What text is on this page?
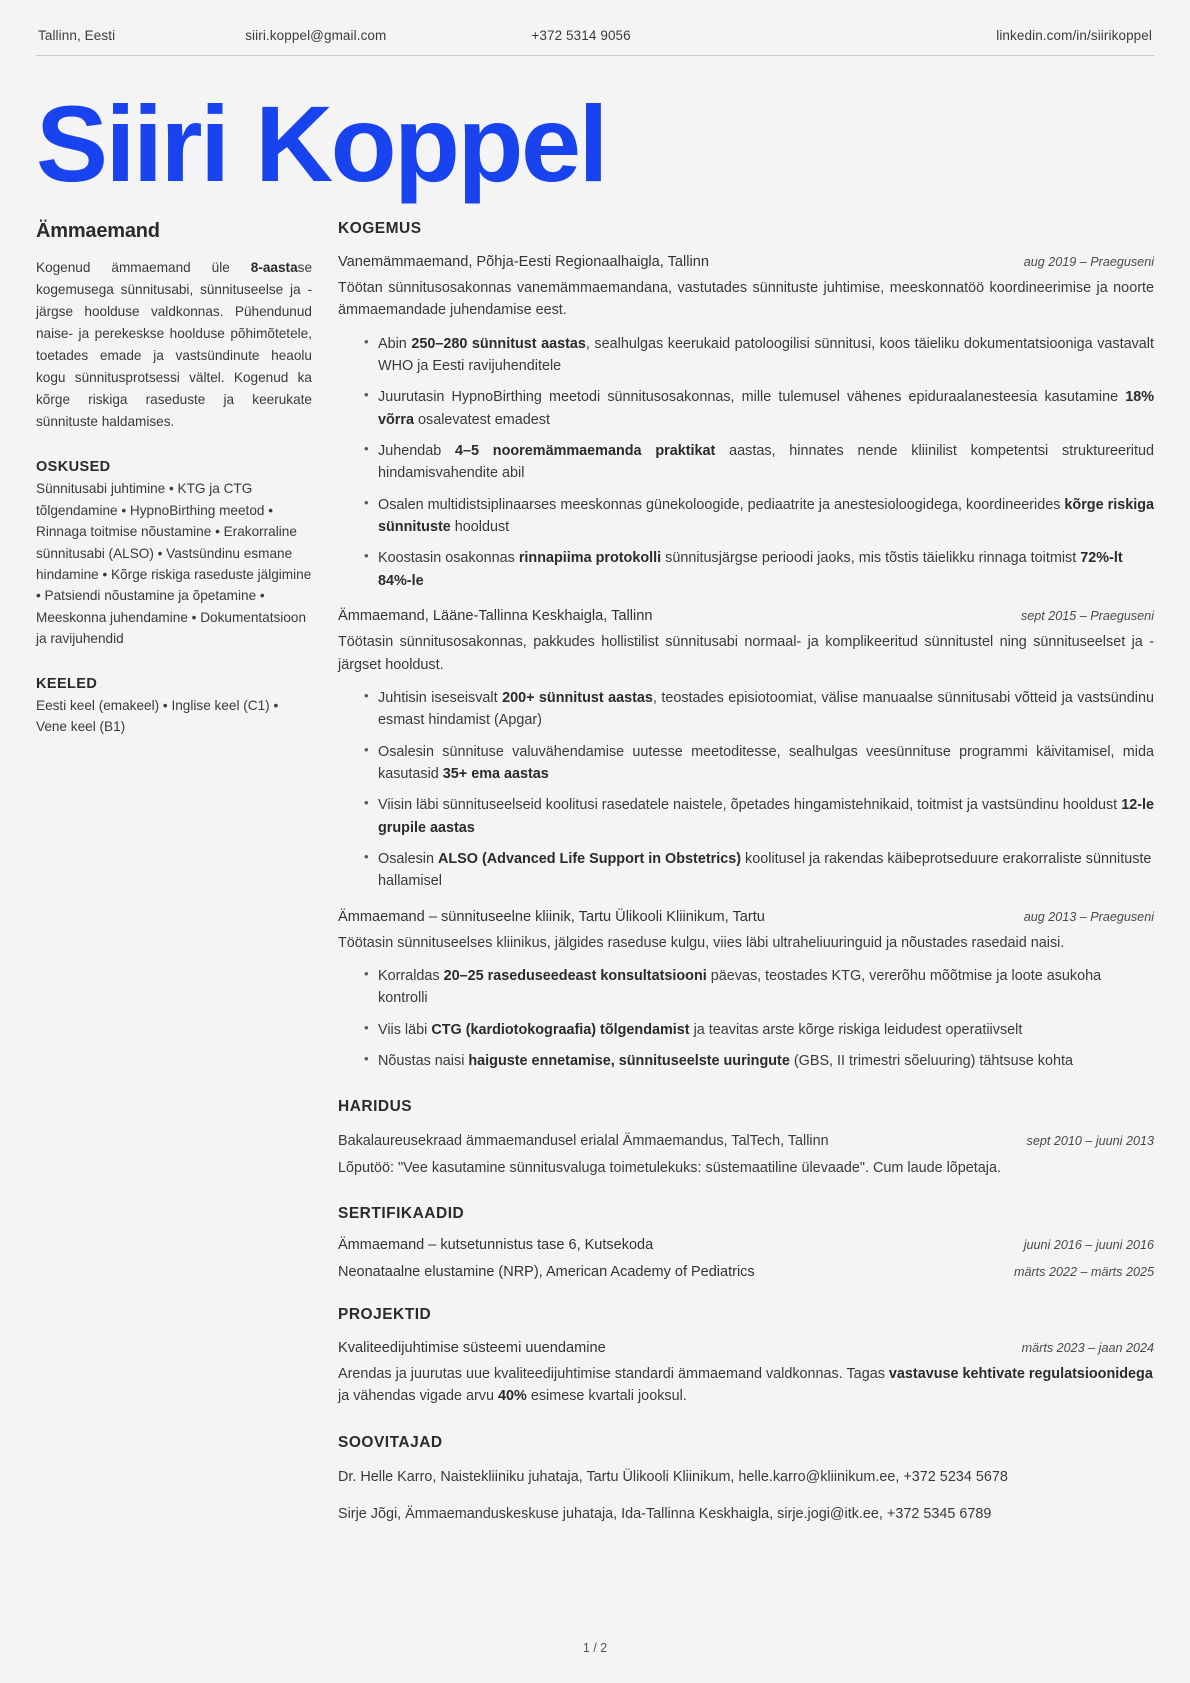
Tallinn, Eesti	siiri.koppel@gmail.com	+372 5314 9056	linkedin.com/in/siirikoppel
Siiri Koppel
Ämmaemand

Kogenud ämmaemand üle 8-aastase kogemusega sünnitusabi, sünnituseelse ja -järgse hoolduse valdkonnas. Pühendunud naise- ja perekeskse hoolduse põhimõtetele, toetades emade ja vastsündinute heaolu kogu sünnitusprotsessi vältel. Kogenud ka kõrge riskiga raseduste ja keerukate sünnituste haldamises.

OSKUSED

Sünnitusabi juhtimine • KTG ja CTG tõlgendamine • HypnoBirthing meetod • Rinnaga toitmise nõustamine • Erakorraline sünnitusabi (ALSO) • Vastsündinu esmane hindamine • Kõrge riskiga raseduste jälgimine • Patsiendi nõustamine ja õpetamine • Meeskonna juhendamine • Dokumentatsioon ja ravijuhendid

KEELED

Eesti keel (emakeel) • Inglise keel (C1) • Vene keel (B1)

KOGEMUS
Vanemämmaemand, Põhja-Eesti Regionaalhaigla, Tallinn	aug 2019 – Praeguseni

Töötan sünnitusosakonnas vanemämmaemandana, vastutades sünnituste juhtimise, meeskonnatöö koordineerimise ja noorte ämmaemandade juhendamise eest.

• Abin 250–280 sünnitust aastas, sealhulgas keerukaid patoloogilisi sünnitusi, koos täieliku dokumentatsiooniga vastavalt WHO ja Eesti ravijuhenditele
• Juurutasin HypnoBirthing meetodi sünnitusosakonnas, mille tulemusel vähenes epiduraalanesteesia kasutamine 18% võrra osalevatest emadest
• Juhendab 4–5 nooremämmaemanda praktikat aastas, hinnates nende kliinilist kompetentsi struktureeritud hindamisvahendite abil
• Osalen multidistsiplinaarses meeskonnas günekoloogide, pediaatrite ja anestesioloogidega, koordineerides kõrge riskiga sünnituste hooldust
• Koostasin osakonnas rinnapiima protokolli sünnitusjärgse perioodi jaoks, mis tõstis täielikku rinnaga toitmist 72%-lt 84%-le
Ämmaemand, Lääne-Tallinna Keskhaigla, Tallinn	sept 2015 – Praeguseni

Töötasin sünnitusosakonnas, pakkudes hollistilist sünnitusabi normaal- ja komplikeeritud sünnitustel ning sünnituseelset ja -järgset hooldust.

• Juhtisin iseseisvalt 200+ sünnitust aastas, teostades episiotoomiat, välise manuaalse sünnitusabi võtteid ja vastsündinu esmast hindamist (Apgar)
• Osalesin sünnituse valuvähendamise uutesse meetoditesse, sealhulgas veesünnituse programmi käivitamisel, mida kasutasid 35+ ema aastas
• Viisin läbi sünnituseelseid koolitusi rasedatele naistele, õpetades hingamistehnikaid, toitmist ja vastsündinu hooldust 12-le grupile aastas
• Osalesin ALSO (Advanced Life Support in Obstetrics) koolitusel ja rakendas käibeprotseduure erakorraliste sünnituste hallamisel
Ämmaemand – sünnituseelne kliinik, Tartu Ülikooli Kliinikum, Tartu	aug 2013 – Praeguseni

Töötasin sünnituseelses kliinikus, jälgides raseduse kulgu, viies läbi ultraheliuuringuid ja nõustades rasedaid naisi.

• Korraldas 20–25 raseduseedeast konsultatsiooni päevas, teostades KTG, vererõhu mõõtmise ja loote asukoha kontrolli
• Viis läbi CTG (kardiotokograafia) tõlgendamist ja teavitas arste kõrge riskiga leidudest operatiivselt
• Nõustas naisi haiguste ennetamise, sünnituseelste uuringute (GBS, II trimestri sõeluuring) tähtsuse kohta
HARIDUS
Bakalaureusekraad ämmaemandusel erialal Ämmaemandus, TalTech, Tallinn	sept 2010 – juuni 2013

Lõputöö: "Vee kasutamine sünnitusvaluga toimetulekuks: süstemaatiline ülevaade". Cum laude lõpetaja.

SERTIFIKAADID
Ämmaemand – kutsetunnistus tase 6, Kutsekoda	juuni 2016 – juuni 2016
Neonataalne elustamine (NRP), American Academy of Pediatrics	märts 2022 – märts 2025
PROJEKTID
Kvaliteedijuhtimise süsteemi uuendamine	märts 2023 – jaan 2024

Arendas ja juurutas uue kvaliteedijuhtimise standardi ämmaemand valdkonnas. Tagas vastavuse kehtivate regulatsioonidega ja vähendas vigade arvu 40% esimese kvartali jooksul.

SOOVITAJAD

Dr. Helle Karro, Naistekliiniku juhataja, Tartu Ülikooli Kliinikum, helle.karro@kliinikum.ee, +372 5234 5678

Sirje Jõgi, Ämmaemanduskeskuse juhataja, Ida-Tallinna Keskhaigla, sirje.jogi@itk.ee, +372 5345 6789

1 / 2
